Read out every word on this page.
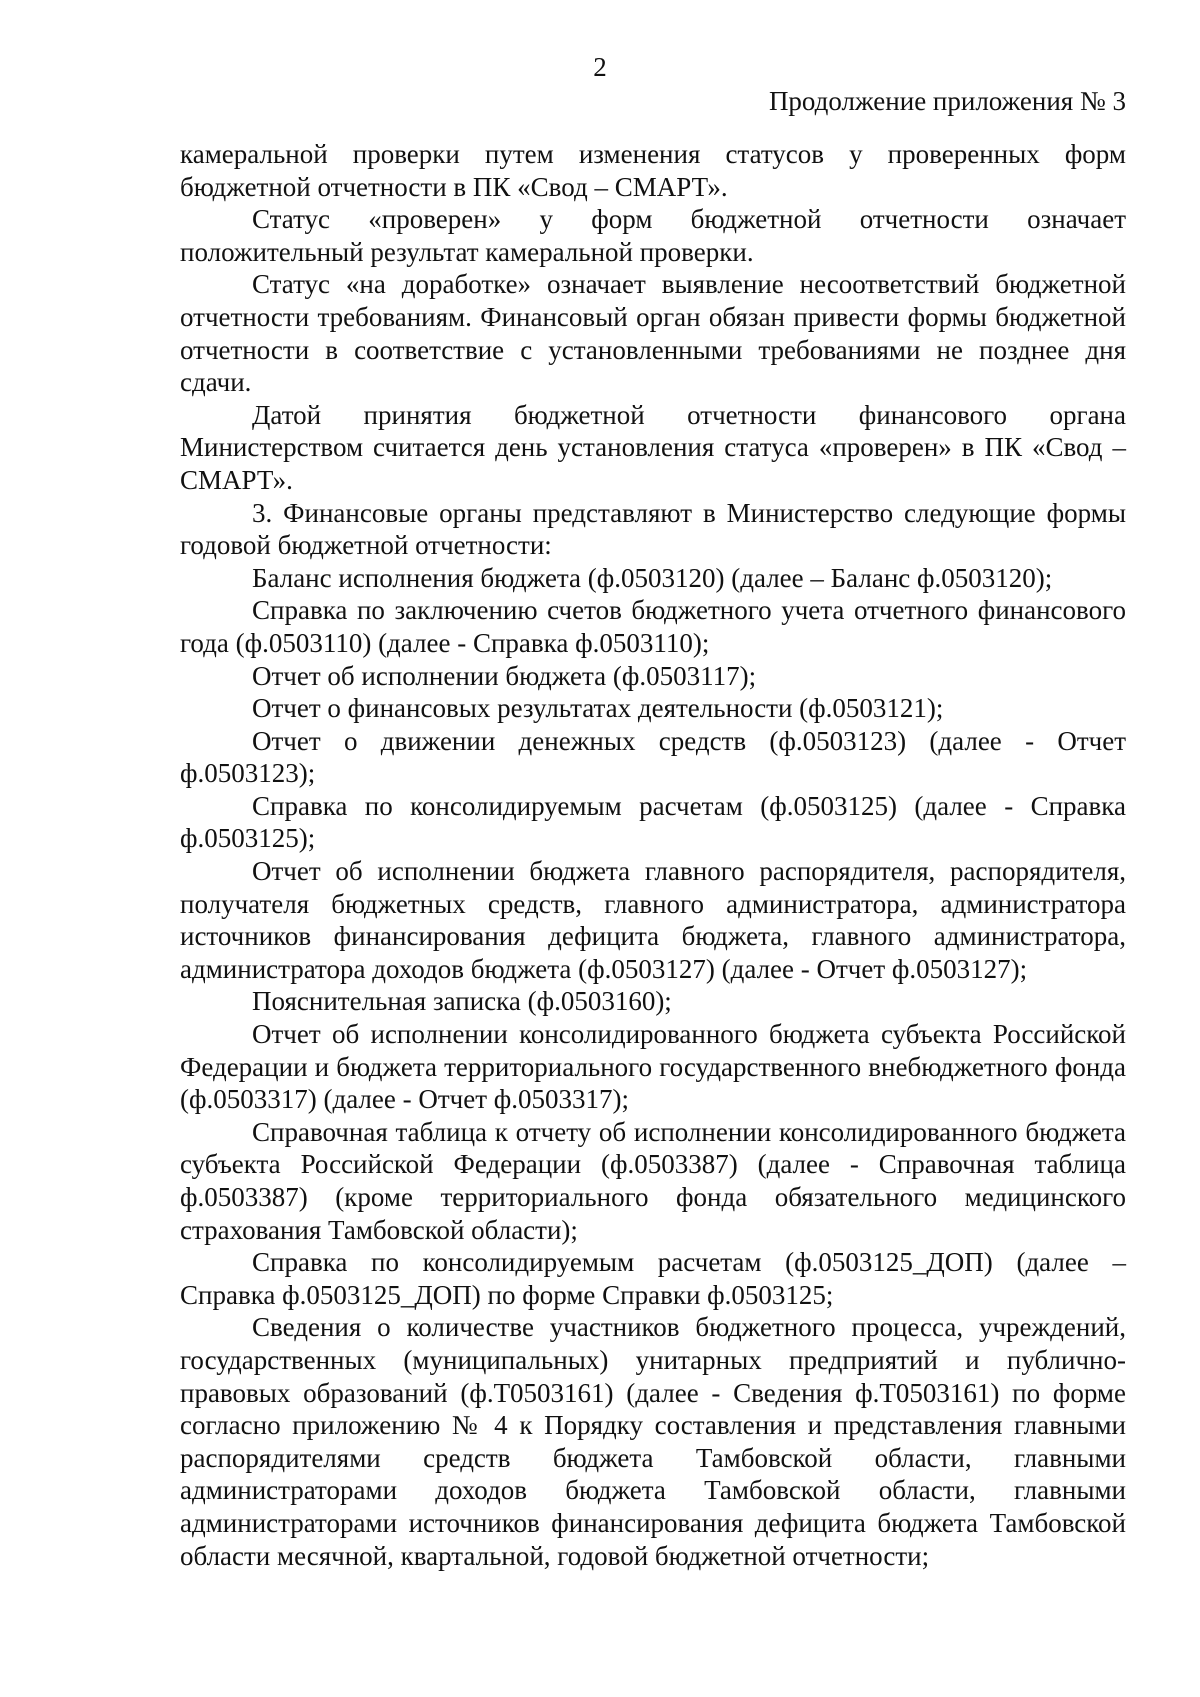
2
Продолжение приложения № 3

камеральной проверки путем изменения статусов у проверенных форм бюджетной отчетности в ПК «Свод – СМАРТ».

Статус «проверен» у форм бюджетной отчетности означает положительный результат камеральной проверки.

Статус «на доработке» означает выявление несоответствий бюджетной отчетности требованиям. Финансовый орган обязан привести формы бюджетной отчетности в соответствие с установленными требованиями не позднее дня сдачи.

Датой принятия бюджетной отчетности финансового органа Министерством считается день установления статуса «проверен» в ПК «Свод – СМАРТ».

3. Финансовые органы представляют в Министерство следующие формы годовой бюджетной отчетности:

Баланс исполнения бюджета (ф.0503120) (далее – Баланс ф.0503120);

Справка по заключению счетов бюджетного учета отчетного финансового года (ф.0503110) (далее - Справка ф.0503110);

Отчет об исполнении бюджета (ф.0503117);

Отчет о финансовых результатах деятельности (ф.0503121);

Отчет о движении денежных средств (ф.0503123) (далее - Отчет ф.0503123);

Справка по консолидируемым расчетам (ф.0503125) (далее - Справка ф.0503125);

Отчет об исполнении бюджета главного распорядителя, распорядителя, получателя бюджетных средств, главного администратора, администратора источников финансирования дефицита бюджета, главного администратора, администратора доходов бюджета (ф.0503127) (далее - Отчет ф.0503127);

Пояснительная записка (ф.0503160);

Отчет об исполнении консолидированного бюджета субъекта Российской Федерации и бюджета территориального государственного внебюджетного фонда (ф.0503317) (далее - Отчет ф.0503317);

Справочная таблица к отчету об исполнении консолидированного бюджета субъекта Российской Федерации (ф.0503387) (далее - Справочная таблица ф.0503387) (кроме территориального фонда обязательного медицинского страхования Тамбовской области);

Справка по консолидируемым расчетам (ф.0503125_ДОП) (далее – Справка ф.0503125_ДОП) по форме Справки ф.0503125;

Сведения о количестве участников бюджетного процесса, учреждений, государственных (муниципальных) унитарных предприятий и публично-правовых образований (ф.Т0503161) (далее - Сведения ф.Т0503161) по форме согласно приложению № 4 к Порядку составления и представления главными распорядителями средств бюджета Тамбовской области, главными администраторами доходов бюджета Тамбовской области, главными администраторами источников финансирования дефицита бюджета Тамбовской области месячной, квартальной, годовой бюджетной отчетности;
